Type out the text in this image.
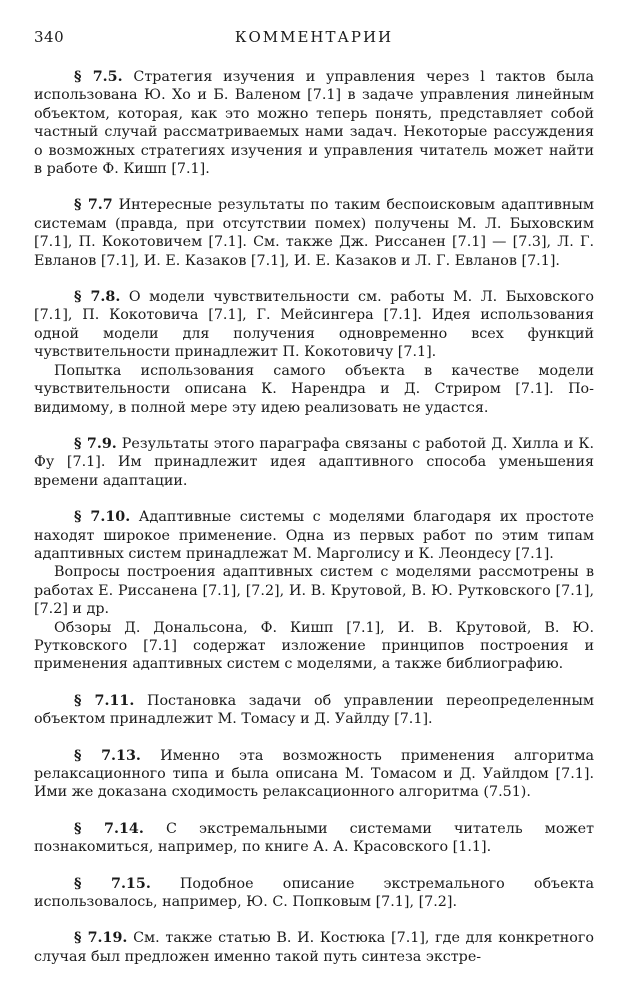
340	КОММЕНТАРИИ

§ 7.5. Стратегия изучения и управления через l тактов была использована Ю. Хо и Б. Валеном [7.1] в задаче управления линейным объектом, которая, как это можно теперь понять, представляет собой частный случай рассматриваемых нами задач. Некоторые рассуждения о возможных стратегиях изучения и управления читатель может найти в работе Ф. Кишп [7.1].

§ 7.7 Интересные результаты по таким беспоисковым адаптивным системам (правда, при отсутствии помех) получены М. Л. Быховским [7.1], П. Кокотовичем [7.1]. См. также Дж. Риссанен [7.1] — [7.3], Л. Г. Евланов [7.1], И. Е. Казаков [7.1], И. Е. Казаков и Л. Г. Евланов [7.1].

§ 7.8. О модели чувствительности см. работы М. Л. Быховского [7.1], П. Кокотовича [7.1], Г. Мейсингера [7.1]. Идея использования одной модели для получения одновременно всех функций чувствительности принадлежит П. Кокотовичу [7.1].

Попытка использования самого объекта в качестве модели чувствительности описана К. Нарендра и Д. Стриром [7.1]. По-видимому, в полной мере эту идею реализовать не удастся.

§ 7.9. Результаты этого параграфа связаны с работой Д. Хилла и К. Фу [7.1]. Им принадлежит идея адаптивного способа уменьшения времени адаптации.

§ 7.10. Адаптивные системы с моделями благодаря их простоте находят широкое применение. Одна из первых работ по этим типам адаптивных систем принадлежат М. Марголису и К. Леондесу [7.1].

Вопросы построения адаптивных систем с моделями рассмотрены в работах Е. Риссанена [7.1], [7.2], И. В. Крутовой, В. Ю. Рутковского [7.1], [7.2] и др.

Обзоры Д. Дональсона, Ф. Кишп [7.1], И. В. Крутовой, В. Ю. Рутковского [7.1] содержат изложение принципов построения и применения адаптивных систем с моделями, а также библиографию.

§ 7.11. Постановка задачи об управлении переопределенным объектом принадлежит М. Томасу и Д. Уайлду [7.1].

§ 7.13. Именно эта возможность применения алгоритма релаксационного типа и была описана М. Томасом и Д. Уайлдом [7.1]. Ими же доказана сходимость релаксационного алгоритма (7.51).

§ 7.14. С экстремальными системами читатель может познакомиться, например, по книге А. А. Красовского [1.1].

§ 7.15. Подобное описание экстремального объекта использовалось, например, Ю. С. Попковым [7.1], [7.2].

§ 7.19. См. также статью В. И. Костюка [7.1], где для конкретного случая был предложен именно такой путь синтеза экстре-
